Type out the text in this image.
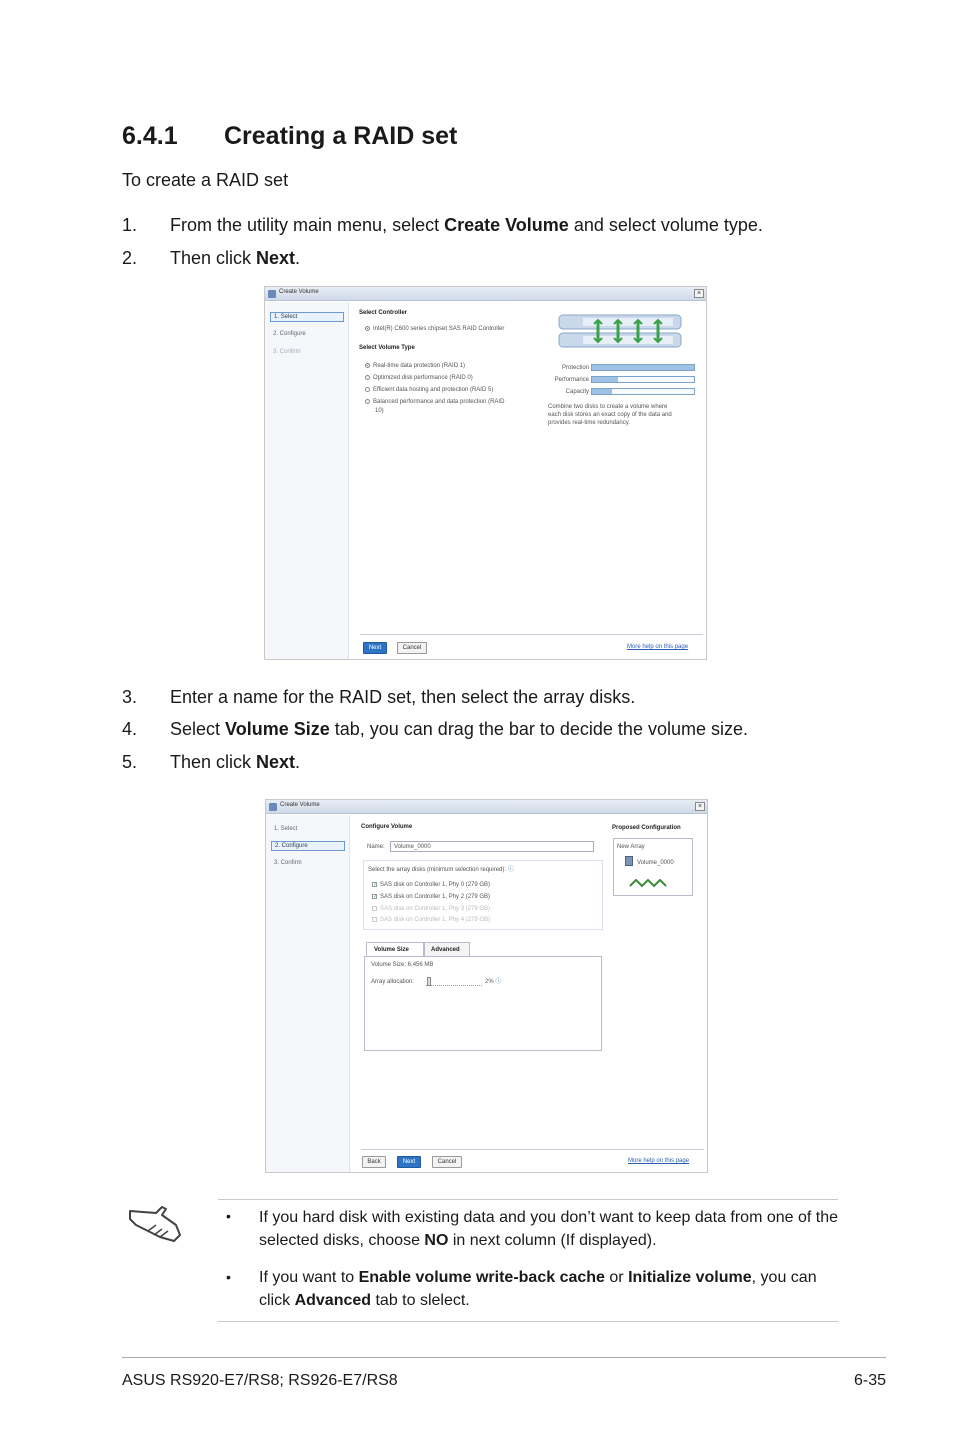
6.4.1 Creating a RAID set
To create a RAID set
1. From the utility main menu, select Create Volume and select volume type.
2. Then click Next.
Create Volume	×
1. Select
2. Configure
3. Confirm
Select Controller
Intel(R) C600 series chipset SAS RAID Controller
Select Volume Type
Real-time data protection (RAID 1)
Optimized disk performance (RAID 0)
Efficient data hosting and protection (RAID 5)
Balanced performance and data protection (RAID
10)
Protection
Performance
Capacity
Combine two disks to create a volume where
each disk stores an exact copy of the data and
provides real-time redundancy.
Next	Cancel	More help on this page
3. Enter a name for the RAID set, then select the array disks.
4. Select Volume Size tab, you can drag the bar to decide the volume size.
5. Then click Next.
Create Volume	×
1. Select
2. Configure
3. Confirm
Configure Volume
Name: Volume_0000
Select the array disks (minimum selection required): ⓘ
✓ SAS disk on Controller 1, Phy 0 (279 GB)
✓ SAS disk on Controller 1, Phy 2 (279 GB)
SAS disk on Controller 1, Phy 3 (279 GB)
SAS disk on Controller 1, Phy 4 (279 GB)
Volume Size	Advanced
Volume Size: 6,456 MB
Array allocation:	2% ⓘ
Proposed Configuration
New Array
Volume_0000
Back	Next	Cancel	More help on this page
• If you hard disk with existing data and you don’t want to keep data from one of the selected disks, choose NO in next column (If displayed).
• If you want to Enable volume write-back cache or Initialize volume, you can click Advanced tab to slelect.
ASUS RS920-E7/RS8; RS926-E7/RS8	6-35
